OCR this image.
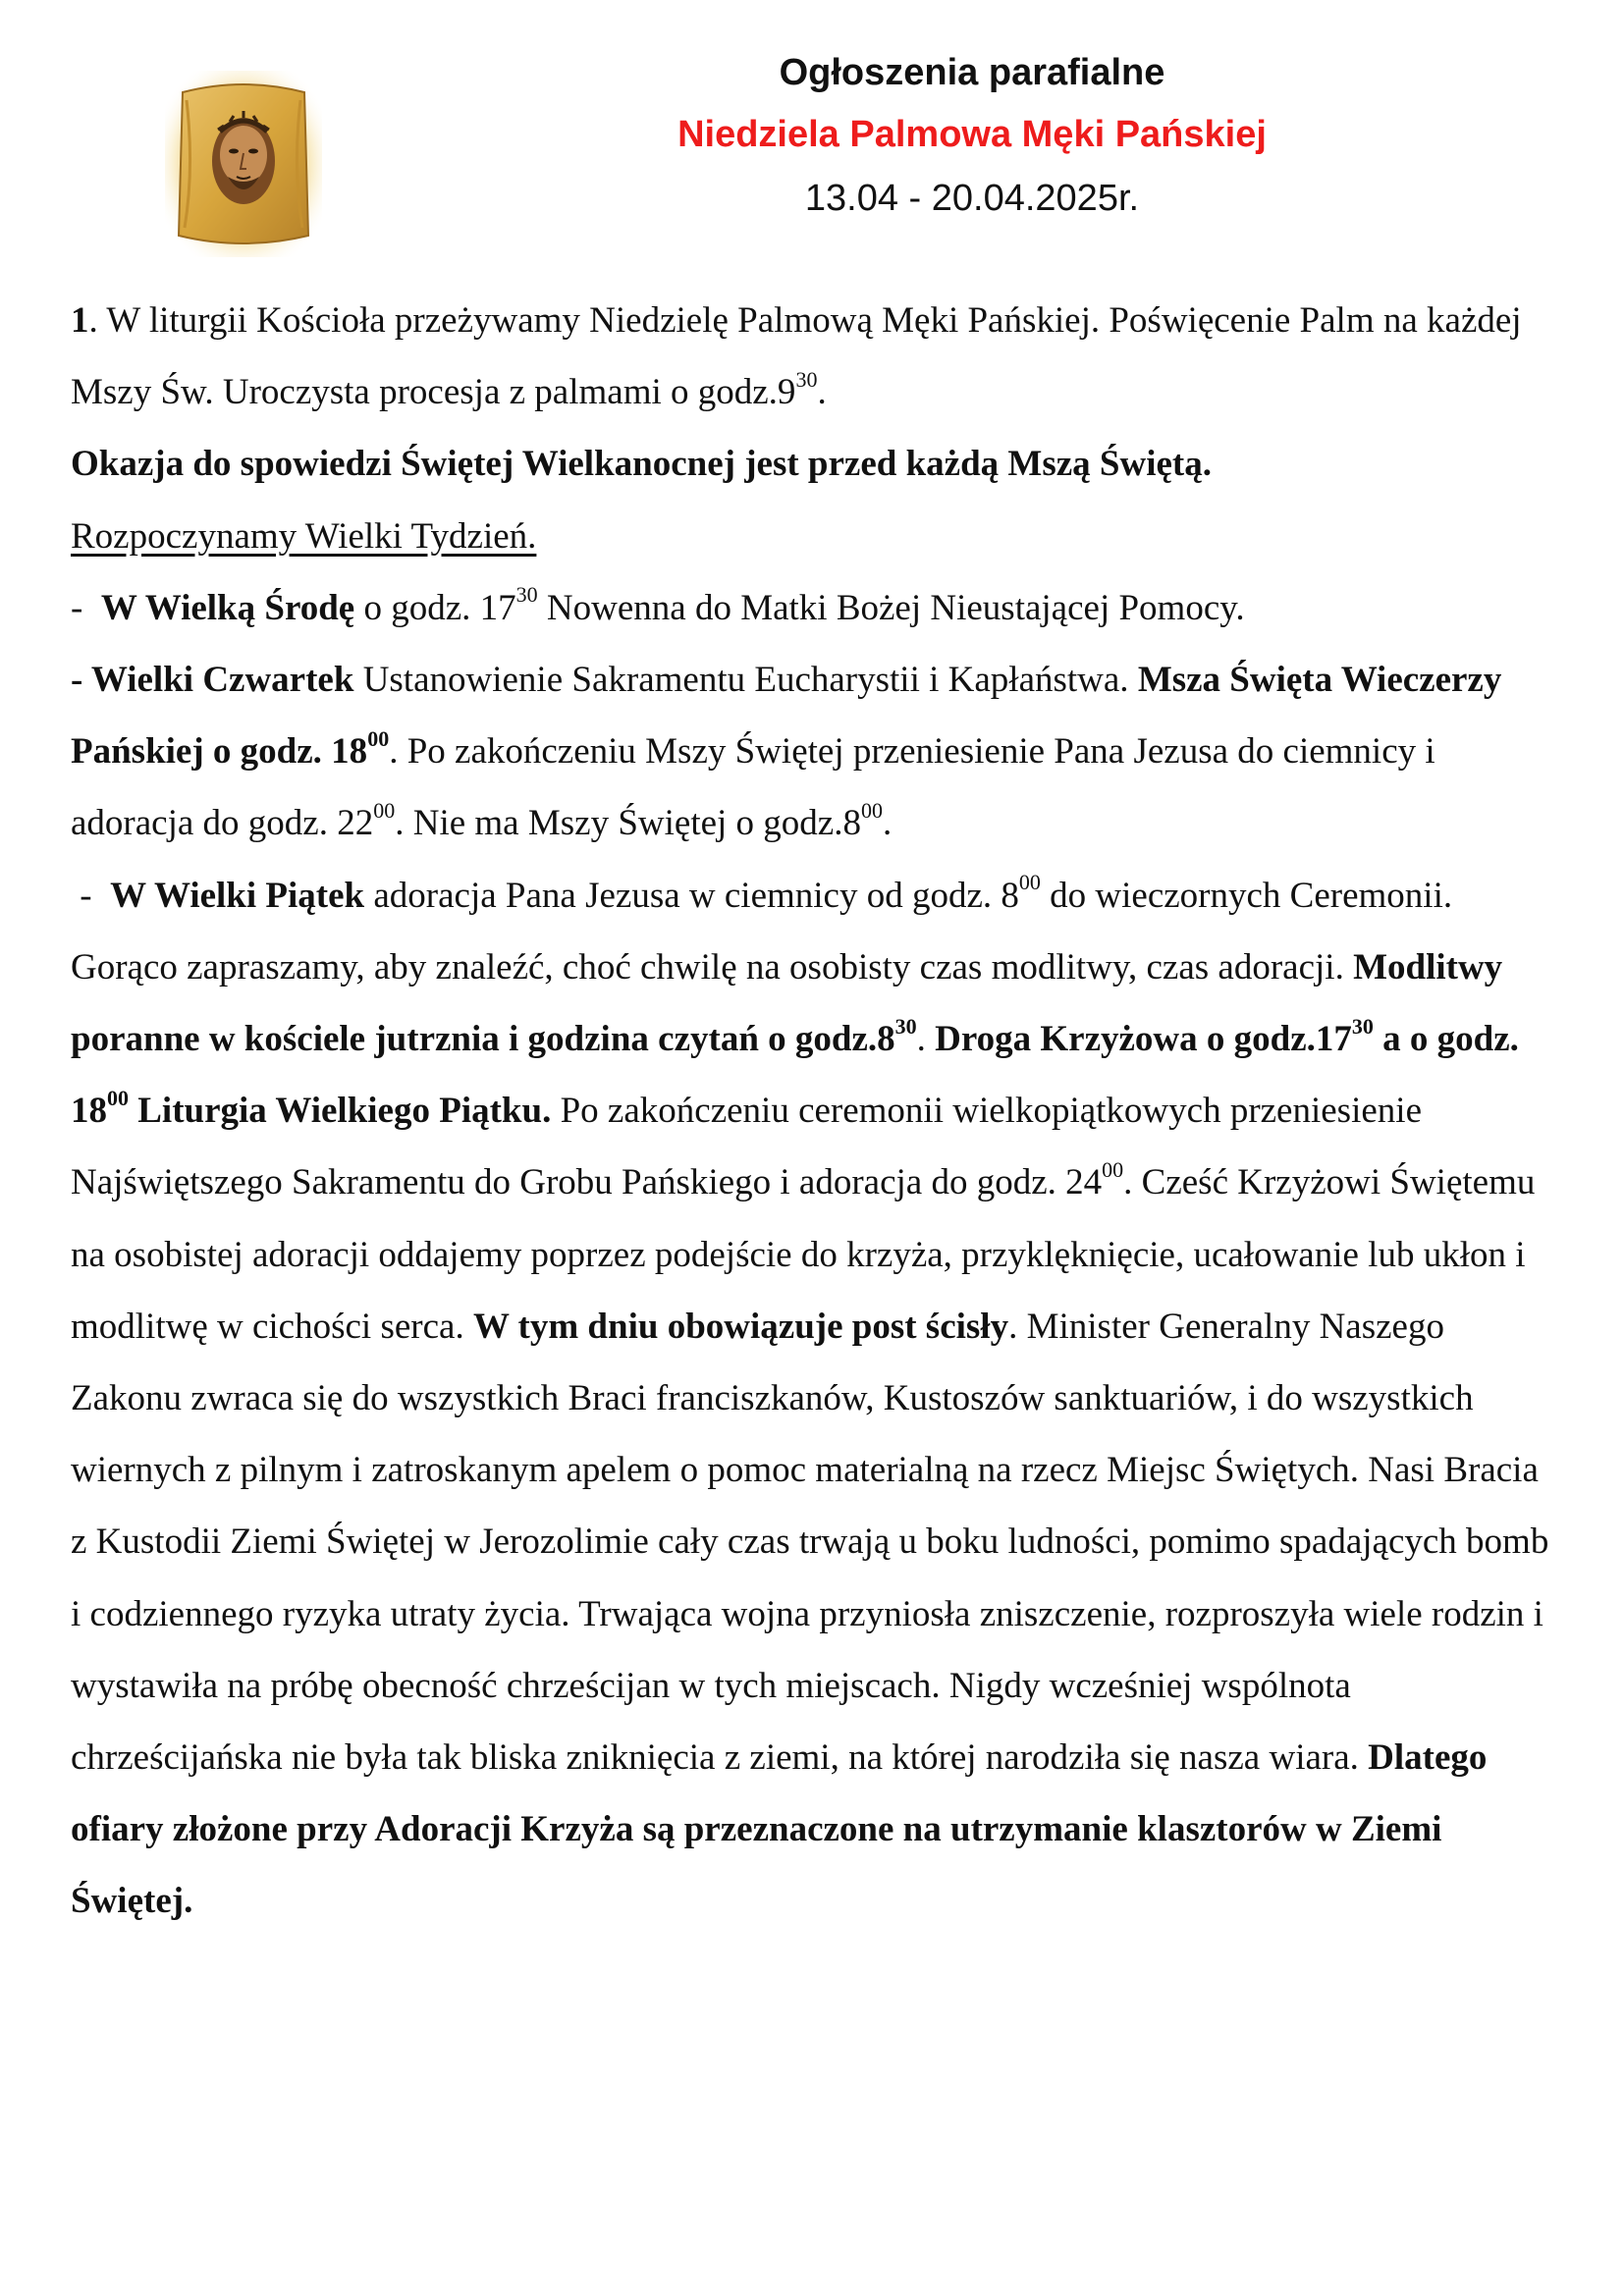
Ogłoszenia parafialne
Niedziela Palmowa Męki Pańskiej
13.04 - 20.04.2025r.

1. W liturgii Kościoła przeżywamy Niedzielę Palmową Męki Pańskiej. Poświęcenie Palm na każdej Mszy Św. Uroczysta procesja z palmami o $godz.9^{30}$.

Okazja do spowiedzi Świętej Wielkanocnej jest przed każdą Mszą Świętą.

Rozpoczynamy Wielki Tydzień.

-  W Wielką Środę o godz. $17^{30}$ Nowenna do Matki Bożej Nieustającej Pomocy.

- Wielki Czwartek Ustanowienie Sakramentu Eucharystii i Kapłaństwa. Msza Święta Wieczerzy Pańskiej o godz. $18^{00}$. Po zakończeniu Mszy Świętej przeniesienie Pana Jezusa do ciemnicy i adoracja do godz. $22^{00}$. Nie ma Mszy Świętej o $godz.8^{00}$.

-  W Wielki Piątek adoracja Pana Jezusa w ciemnicy od godz. $8^{00}$ do wieczornych Ceremonii. Gorąco zapraszamy, aby znaleźć, choć chwilę na osobisty czas modlitwy, czas adoracji. Modlitwy poranne w kościele jutrznia i godzina czytań o $godz.8^{30}$. Droga Krzyżowa o $godz.17^{30}$ a o godz. $18^{00}$ Liturgia Wielkiego Piątku. Po zakończeniu ceremonii wielkopiątkowych przeniesienie Najświętszego Sakramentu do Grobu Pańskiego i adoracja do godz. $24^{00}$. Cześć Krzyżowi Świętemu na osobistej adoracji oddajemy poprzez podejście do krzyża, przyklęknięcie, ucałowanie lub ukłon i modlitwę w cichości serca. W tym dniu obowiązuje post ścisły. Minister Generalny Naszego Zakonu zwraca się do wszystkich Braci franciszkanów, Kustoszów sanktuariów, i do wszystkich wiernych z pilnym i zatroskanym apelem o pomoc materialną na rzecz Miejsc Świętych. Nasi Bracia z Kustodii Ziemi Świętej w Jerozolimie cały czas trwają u boku ludności, pomimo spadających bomb i codziennego ryzyka utraty życia. Trwająca wojna przyniosła zniszczenie, rozproszyła wiele rodzin i wystawiła na próbę obecność chrześcijan w tych miejscach. Nigdy wcześniej wspólnota chrześcijańska nie była tak bliska zniknięcia z ziemi, na której narodziła się nasza wiara. Dlatego ofiary złożone przy Adoracji Krzyża są przeznaczone na utrzymanie klasztorów w Ziemi Świętej.
